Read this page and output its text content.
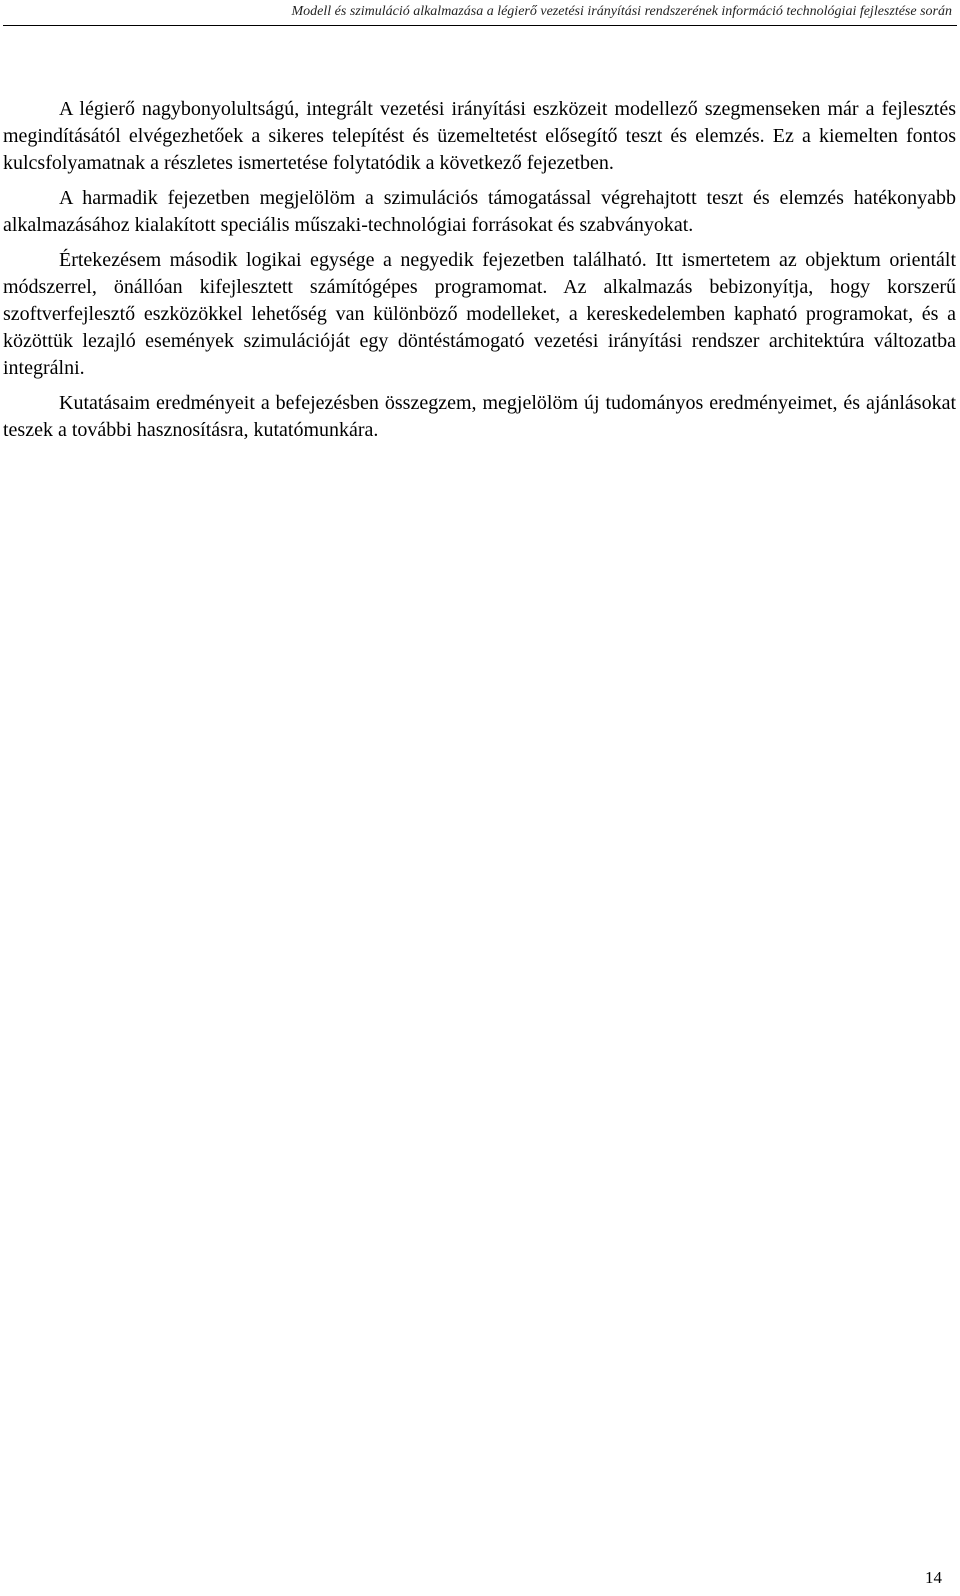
Modell és szimuláció alkalmazása a légierő vezetési irányítási rendszerének információ technológiai fejlesztése során

A légierő nagybonyolultságú, integrált vezetési irányítási eszközeit modellező szegmenseken már a fejlesztés megindításától elvégezhetőek a sikeres telepítést és üzemeltetést elősegítő teszt és elemzés. Ez a kiemelten fontos kulcsfolyamatnak a részletes ismertetése folytatódik a következő fejezetben.

A harmadik fejezetben megjelölöm a szimulációs támogatással végrehajtott teszt és elemzés hatékonyabb alkalmazásához kialakított speciális műszaki-technológiai forrásokat és szabványokat.

Értekezésem második logikai egysége a negyedik fejezetben található. Itt ismertetem az objektum orientált módszerrel, önállóan kifejlesztett számítógépes programomat. Az alkalmazás bebizonyítja, hogy korszerű szoftverfejlesztő eszközökkel lehetőség van különböző modelleket, a kereskedelemben kapható programokat, és a közöttük lezajló események szimulációját egy döntéstámogató vezetési irányítási rendszer architektúra változatba integrálni.

Kutatásaim eredményeit a befejezésben összegzem, megjelölöm új tudományos eredményeimet, és ajánlásokat teszek a további hasznosításra, kutatómunkára.

14
